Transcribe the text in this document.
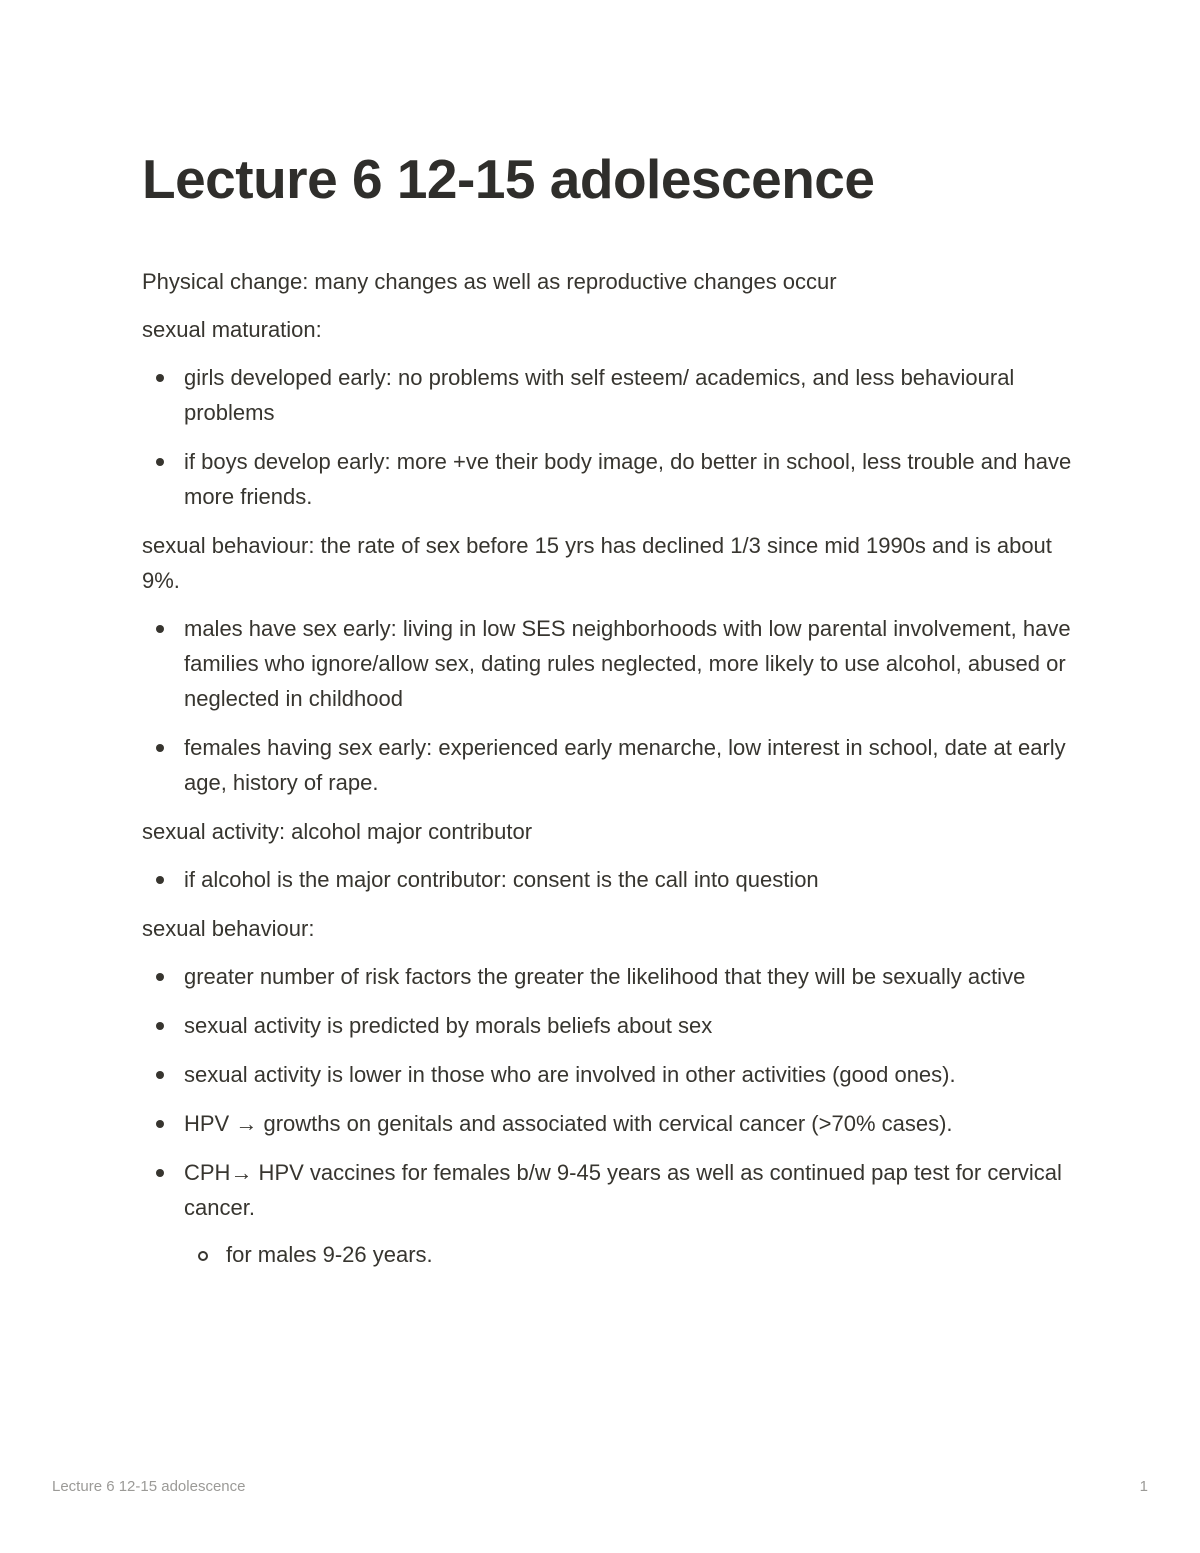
Lecture 6 12-15 adolescence

Physical change: many changes as well as reproductive changes occur

sexual maturation:

girls developed early: no problems with self esteem/ academics, and less behavioural problems
if boys develop early: more +ve their body image, do better in school, less trouble and have more friends.

sexual behaviour: the rate of sex before 15 yrs has declined 1/3 since mid 1990s and is about 9%.

males have sex early: living in low SES neighborhoods with low parental involvement, have families who ignore/allow sex, dating rules neglected, more likely to use alcohol, abused or neglected in childhood
females having sex early: experienced early menarche, low interest in school, date at early age, history of rape.

sexual activity: alcohol major contributor

if alcohol is the major contributor: consent is the call into question

sexual behaviour:

greater number of risk factors the greater the likelihood that they will be sexually active
sexual activity is predicted by morals beliefs about sex
sexual activity is lower in those who are involved in other activities (good ones).
HPV → growths on genitals and associated with cervical cancer (>70% cases).
CPH→ HPV vaccines for females b/w 9-45 years as well as continued pap test for cervical cancer.
for males 9-26 years.
Lecture 6 12-15 adolescence	1
